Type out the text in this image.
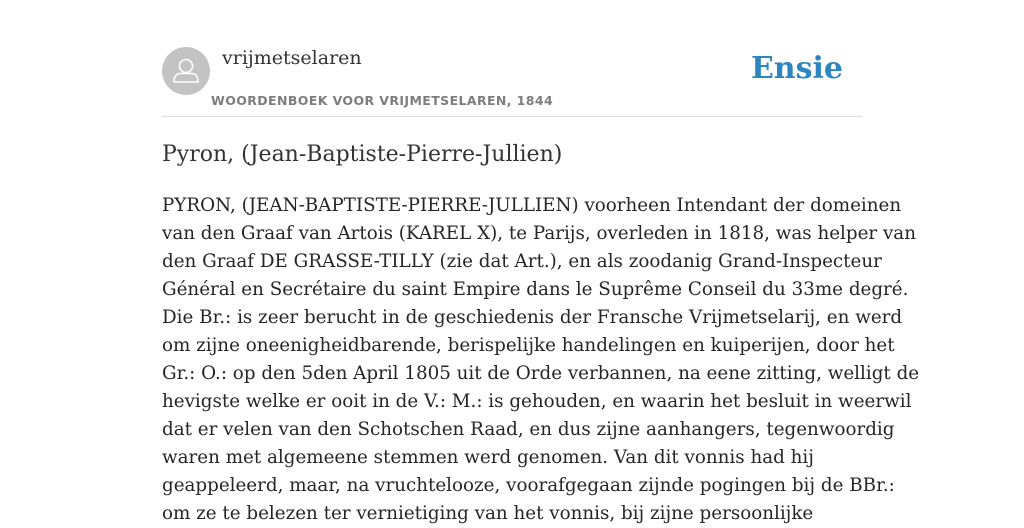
vrijmetselaren
WOORDENBOEK VOOR VRIJMETSELAREN, 1844
Ensie
Pyron, (Jean-Baptiste-Pierre-Jullien)
PYRON, (JEAN-BAPTISTE-PIERRE-JULLIEN) voorheen Intendant der domeinen
van den Graaf van Artois (KAREL X), te Parijs, overleden in 1818, was helper van
den Graaf DE GRASSE-TILLY (zie dat Art.), en als zoodanig Grand-Inspecteur
Général en Secrétaire du saint Empire dans le Suprême Conseil du 33me degré.
Die Br.: is zeer berucht in de geschiedenis der Fransche Vrijmetselarij, en werd
om zijne oneenigheidbarende, berispelijke handelingen en kuiperijen, door het
Gr.: O.: op den 5den April 1805 uit de Orde verbannen, na eene zitting, welligt de
hevigste welke er ooit in de V.: M.: is gehouden, en waarin het besluit in weerwil
dat er velen van den Schotschen Raad, en dus zijne aanhangers, tegenwoordig
waren met algemeene stemmen werd genomen. Van dit vonnis had hij
geappeleerd, maar, na vruchtelooze, voorafgegaan zijnde pogingen bij de BBr.:
om ze te belezen ter vernietiging van het vonnis, bij zijne persoonlijke
